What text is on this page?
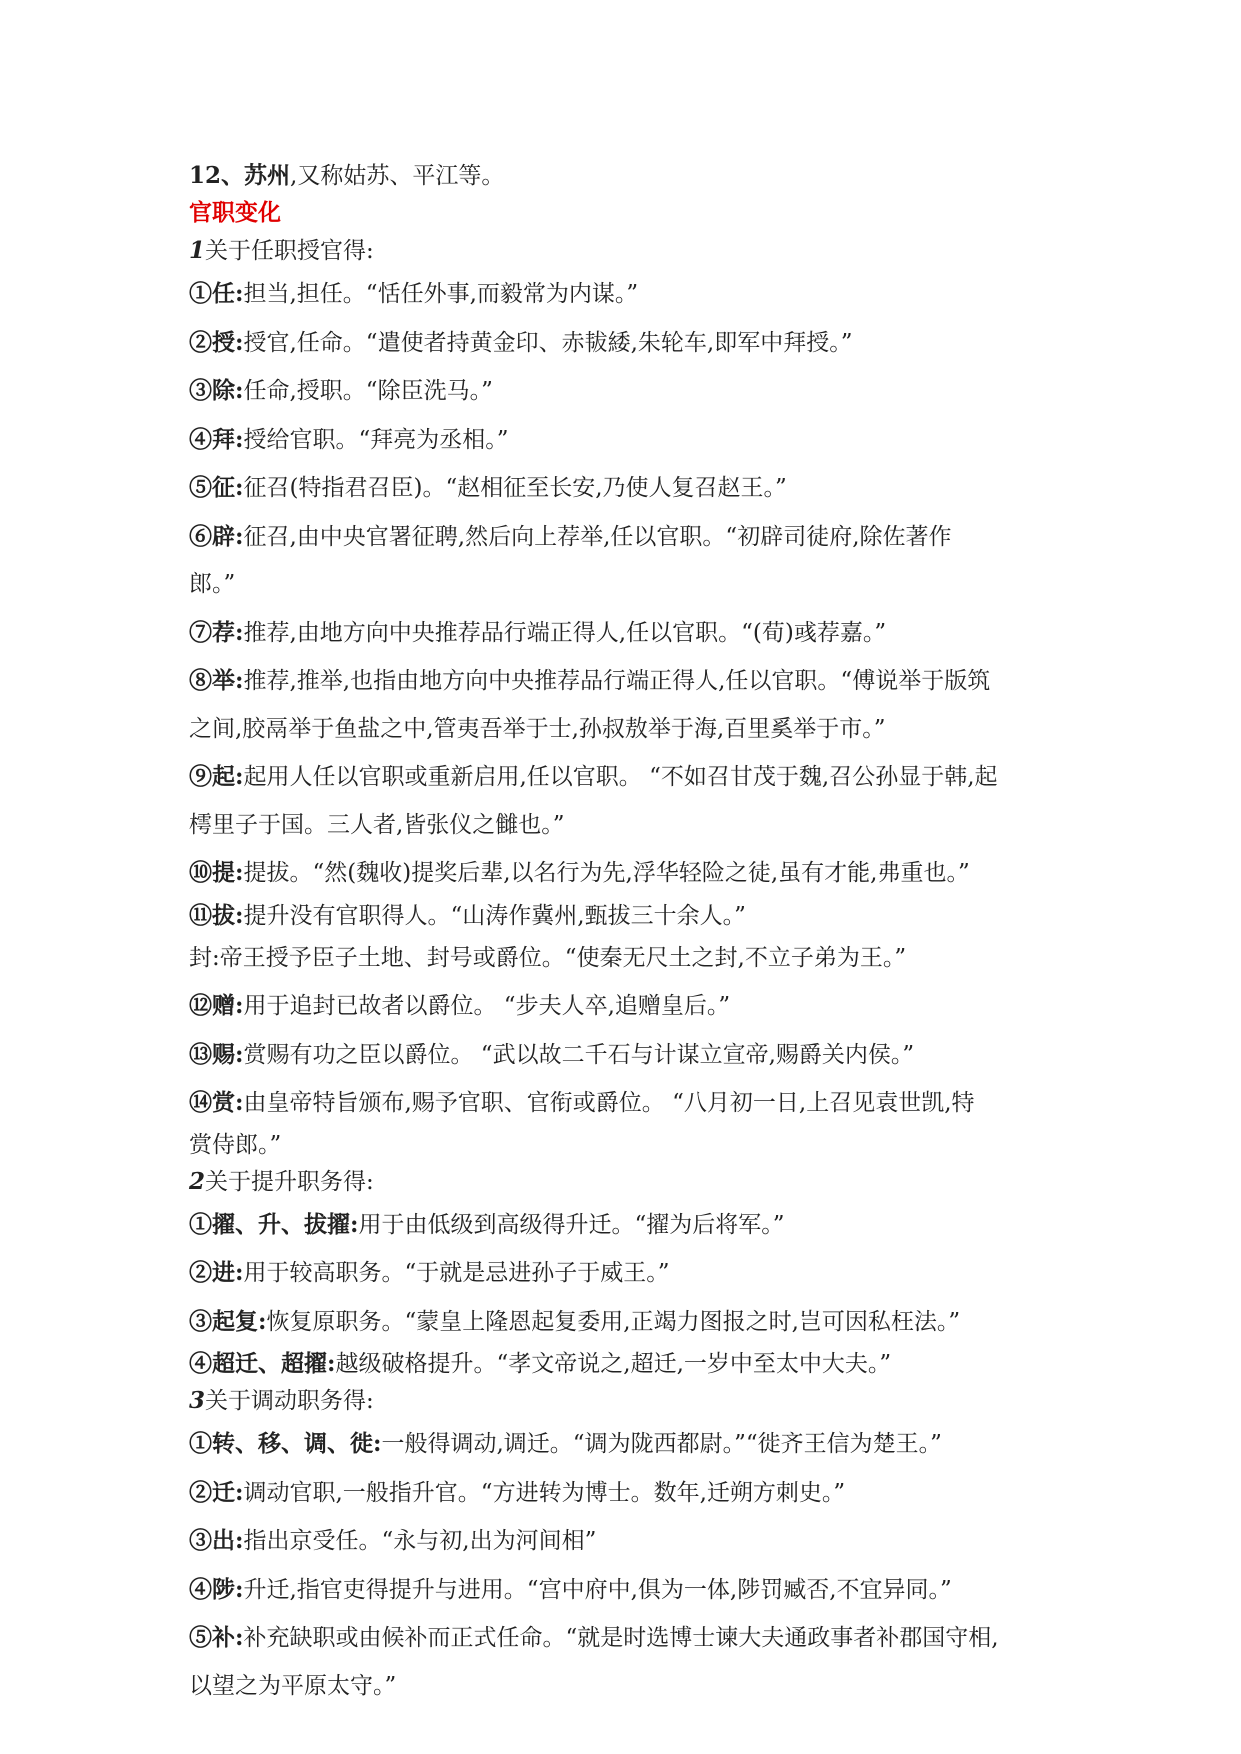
12、苏州,又称姑苏、平江等。

官职变化

1关于任职授官得:

①任:担当,担任。“恬任外事,而毅常为内谋。”

②授:授官,任命。“遣使者持黄金印、赤韨緌,朱轮车,即军中拜授。”

③除:任命,授职。“除臣洗马。”

④拜:授给官职。“拜亮为丞相。”

⑤征:征召(特指君召臣)。“赵相征至长安,乃使人复召赵王。”

⑥辟:征召,由中央官署征聘,然后向上荐举,任以官职。“初辟司徒府,除佐著作

郎。”

⑦荐:推荐,由地方向中央推荐品行端正得人,任以官职。“(荀)彧荐嘉。”

⑧举:推荐,推举,也指由地方向中央推荐品行端正得人,任以官职。“傅说举于版筑

之间,胶鬲举于鱼盐之中,管夷吾举于士,孙叔敖举于海,百里奚举于市。”

⑨起:起用人任以官职或重新启用,任以官职。 “不如召甘茂于魏,召公孙显于韩,起

樗里子于国。三人者,皆张仪之雠也。”

⑩提:提拔。“然(魏收)提奖后辈,以名行为先,浮华轻险之徒,虽有才能,弗重也。”

⑪拔:提升没有官职得人。“山涛作冀州,甄拔三十余人。”

封:帝王授予臣子土地、封号或爵位。“使秦无尺土之封,不立子弟为王。”

⑫赠:用于追封已故者以爵位。 “步夫人卒,追赠皇后。”

⑬赐:赏赐有功之臣以爵位。 “武以故二千石与计谋立宣帝,赐爵关内侯。”

⑭赏:由皇帝特旨颁布,赐予官职、官衔或爵位。 “八月初一日,上召见袁世凯,特

赏侍郎。”

2关于提升职务得:

①擢、升、拔擢:用于由低级到高级得升迁。“擢为后将军。”

②进:用于较高职务。“于就是忌进孙子于威王。”

③起复:恢复原职务。“蒙皇上隆恩起复委用,正竭力图报之时,岂可因私枉法。”

④超迁、超擢:越级破格提升。“孝文帝说之,超迁,一岁中至太中大夫。”

3关于调动职务得:

①转、移、调、徙:一般得调动,调迁。“调为陇西都尉。”“徙齐王信为楚王。”

②迁:调动官职,一般指升官。“方进转为博士。数年,迁朔方刺史。”

③出:指出京受任。“永与初,出为河间相”

④陟:升迁,指官吏得提升与进用。“宫中府中,俱为一体,陟罚臧否,不宜异同。”

⑤补:补充缺职或由候补而正式任命。“就是时选博士谏大夫通政事者补郡国守相,

以望之为平原太守。”
